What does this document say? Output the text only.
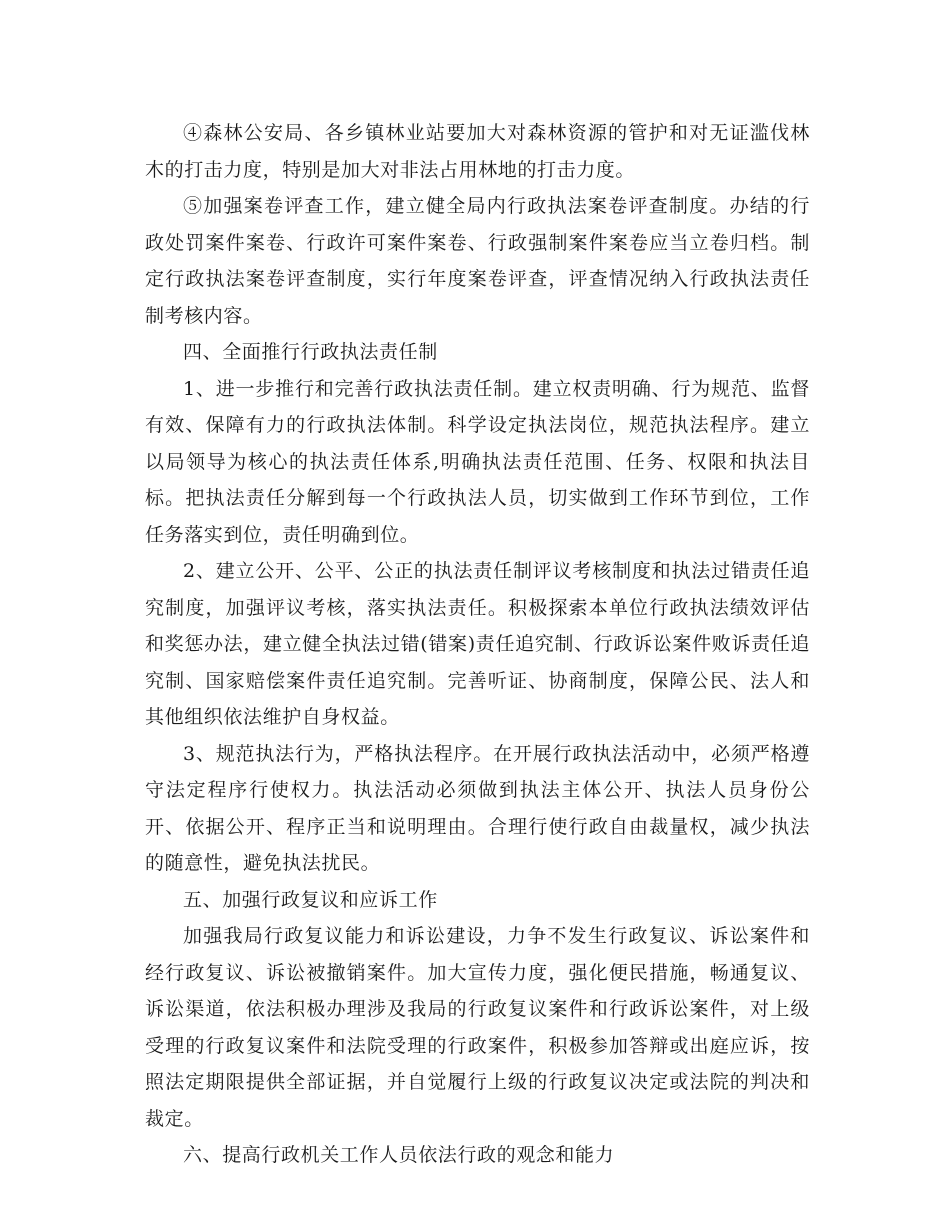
④森林公安局、各乡镇林业站要加大对森林资源的管护和对无证滥伐林木的打击力度，特别是加大对非法占用林地的打击力度。

⑤加强案卷评查工作，建立健全局内行政执法案卷评查制度。办结的行政处罚案件案卷、行政许可案件案卷、行政强制案件案卷应当立卷归档。制定行政执法案卷评查制度，实行年度案卷评查，评查情况纳入行政执法责任制考核内容。

四、全面推行行政执法责任制

1、进一步推行和完善行政执法责任制。建立权责明确、行为规范、监督有效、保障有力的行政执法体制。科学设定执法岗位，规范执法程序。建立以局领导为核心的执法责任体系,明确执法责任范围、任务、权限和执法目标。把执法责任分解到每一个行政执法人员，切实做到工作环节到位，工作任务落实到位，责任明确到位。

2、建立公开、公平、公正的执法责任制评议考核制度和执法过错责任追究制度，加强评议考核，落实执法责任。积极探索本单位行政执法绩效评估和奖惩办法，建立健全执法过错(错案)责任追究制、行政诉讼案件败诉责任追究制、国家赔偿案件责任追究制。完善听证、协商制度，保障公民、法人和其他组织依法维护自身权益。

3、规范执法行为，严格执法程序。在开展行政执法活动中，必须严格遵守法定程序行使权力。执法活动必须做到执法主体公开、执法人员身份公开、依据公开、程序正当和说明理由。合理行使行政自由裁量权，减少执法的随意性，避免执法扰民。

五、加强行政复议和应诉工作

加强我局行政复议能力和诉讼建设，力争不发生行政复议、诉讼案件和经行政复议、诉讼被撤销案件。加大宣传力度，强化便民措施，畅通复议、诉讼渠道，依法积极办理涉及我局的行政复议案件和行政诉讼案件，对上级受理的行政复议案件和法院受理的行政案件，积极参加答辩或出庭应诉，按照法定期限提供全部证据，并自觉履行上级的行政复议决定或法院的判决和裁定。

六、提高行政机关工作人员依法行政的观念和能力
